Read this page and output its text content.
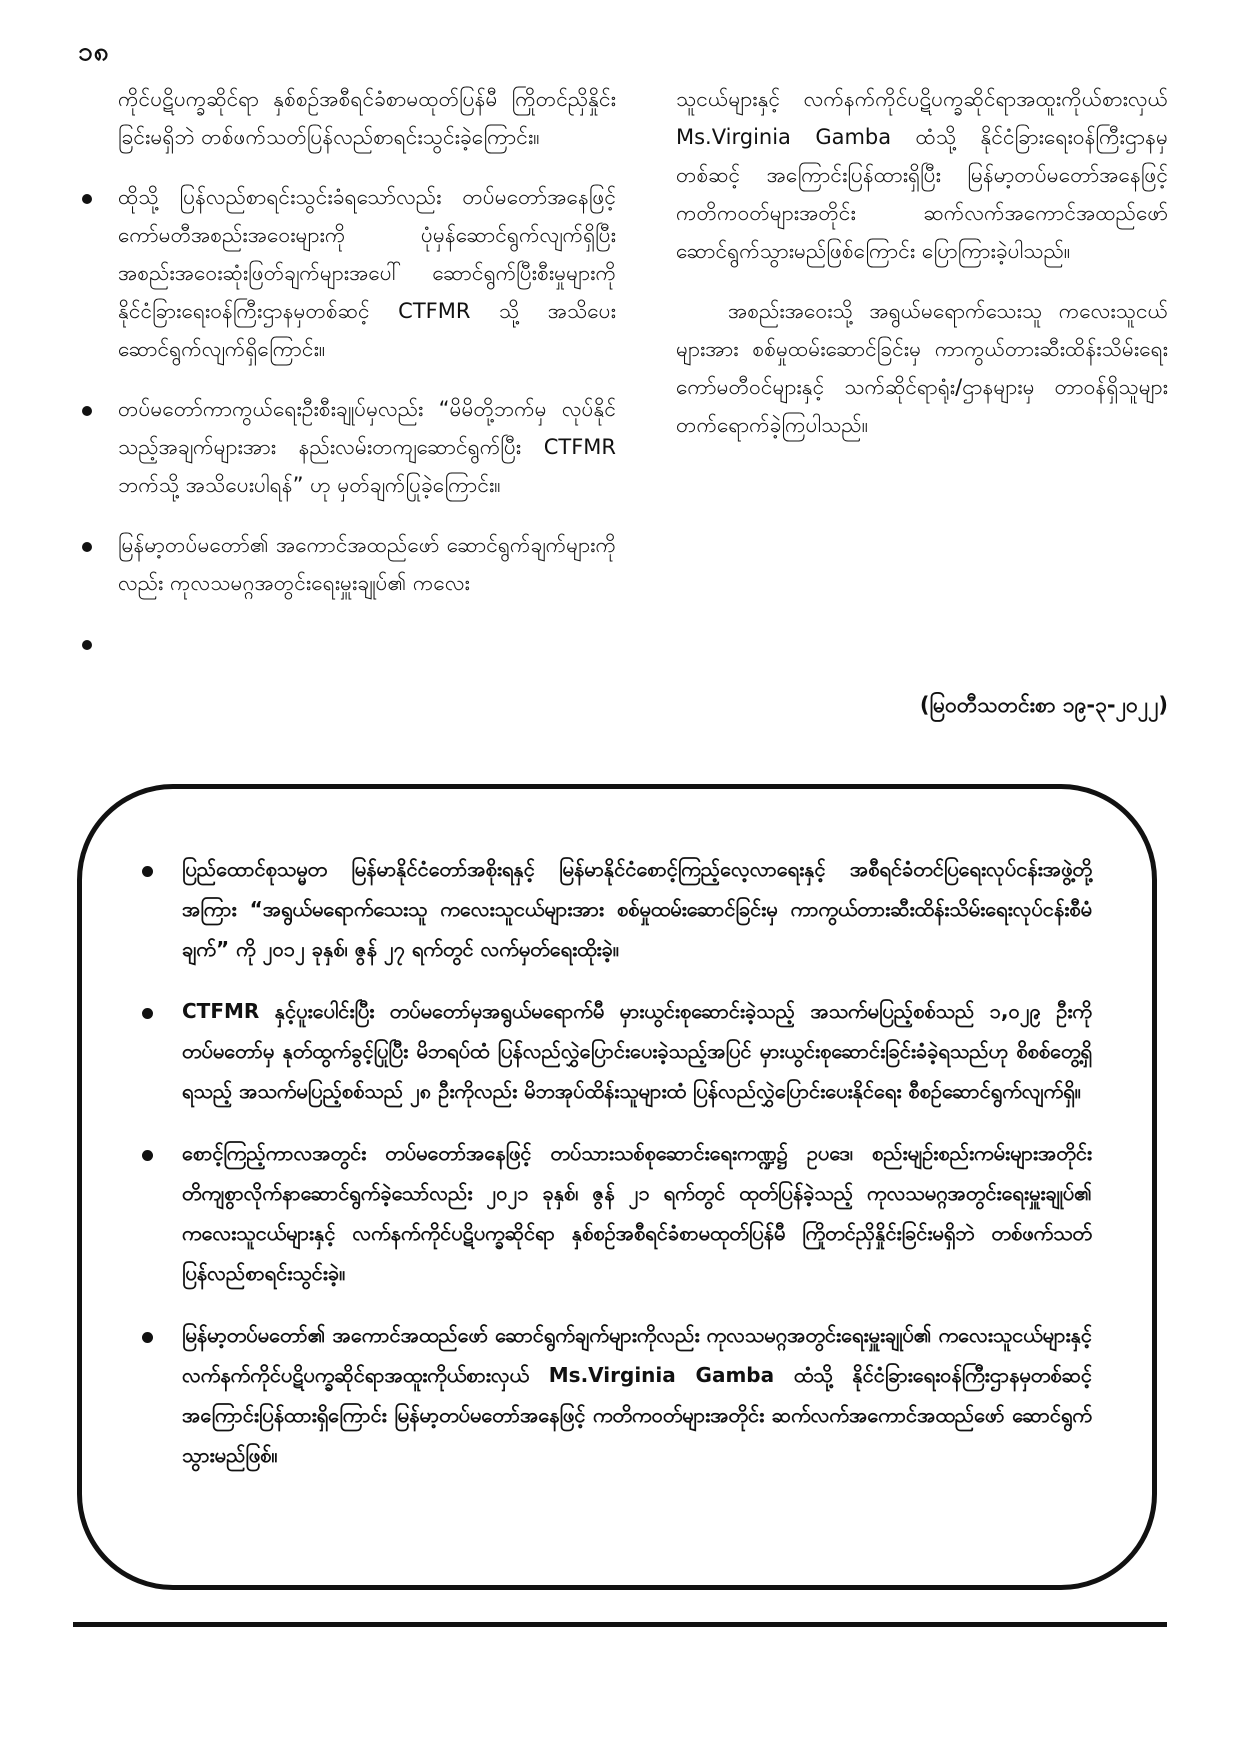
၁၈

ကိုင်ပဋိပက္ခဆိုင်ရာ နှစ်စဉ်အစီရင်ခံစာမထုတ်ပြန်မီ ကြိုတင်ညှိနှိုင်းခြင်းမရှိဘဲ တစ်ဖက်သတ်ပြန်လည်စာရင်းသွင်းခဲ့ကြောင်း။

ထိုသို့ ပြန်လည်စာရင်းသွင်းခံရသော်လည်း တပ်မတော်အနေဖြင့် ကော်မတီအစည်းအဝေးများကို ပုံမှန်ဆောင်ရွက်လျက်ရှိပြီး အစည်းအဝေးဆုံးဖြတ်ချက်များအပေါ် ဆောင်ရွက်ပြီးစီးမှုများကို နိုင်ငံခြားရေးဝန်ကြီးဌာနမှတစ်ဆင့် CTFMR သို့ အသိပေးဆောင်ရွက်လျက်ရှိကြောင်း။
တပ်မတော်ကာကွယ်ရေးဦးစီးချုပ်မှလည်း “မိမိတို့ဘက်မှ လုပ်နိုင်သည့်အချက်များအား နည်းလမ်းတကျဆောင်ရွက်ပြီး CTFMR ဘက်သို့ အသိပေးပါရန်” ဟု မှတ်ချက်ပြုခဲ့ကြောင်း။
မြန်မာ့တပ်မတော်၏ အကောင်အထည်ဖော် ဆောင်ရွက်ချက်များကိုလည်း ကုလသမဂ္ဂအတွင်းရေးမှူးချုပ်၏ ကလေး

သူငယ်များနှင့် လက်နက်ကိုင်ပဋိပက္ခဆိုင်ရာအထူးကိုယ်စားလှယ် Ms.Virginia Gamba ထံသို့ နိုင်ငံခြားရေးဝန်ကြီးဌာနမှတစ်ဆင့် အကြောင်းပြန်ထားရှိပြီး မြန်မာ့တပ်မတော်အနေဖြင့် ကတိကဝတ်များအတိုင်း ဆက်လက်အကောင်အထည်ဖော် ဆောင်ရွက်သွားမည်ဖြစ်ကြောင်း ပြောကြားခဲ့ပါသည်။

အစည်းအဝေးသို့ အရွယ်မရောက်သေးသူ ကလေးသူငယ်များအား စစ်မှုထမ်းဆောင်ခြင်းမှ ကာကွယ်တားဆီးထိန်းသိမ်းရေးကော်မတီဝင်များနှင့် သက်ဆိုင်ရာရုံး/ဌာနများမှ တာဝန်ရှိသူများ တက်ရောက်ခဲ့ကြပါသည်။

(မြဝတီသတင်းစာ ၁၉-၃-၂၀၂၂)
ပြည်ထောင်စုသမ္မတ မြန်မာနိုင်ငံတော်အစိုးရနှင့် မြန်မာနိုင်ငံစောင့်ကြည့်လေ့လာရေးနှင့် အစီရင်ခံတင်ပြရေးလုပ်ငန်းအဖွဲ့တို့အကြား “အရွယ်မရောက်သေးသူ ကလေးသူငယ်များအား စစ်မှုထမ်းဆောင်ခြင်းမှ ကာကွယ်တားဆီးထိန်းသိမ်းရေးလုပ်ငန်းစီမံချက်” ကို ၂၀၁၂ ခုနှစ်၊ ဇွန် ၂၇ ရက်တွင် လက်မှတ်ရေးထိုးခဲ့။
CTFMR နှင့်ပူးပေါင်းပြီး တပ်မတော်မှအရွယ်မရောက်မီ မှားယွင်းစုဆောင်းခဲ့သည့် အသက်မပြည့်စစ်သည် ၁,၀၂၉ ဦးကို တပ်မတော်မှ နုတ်ထွက်ခွင့်ပြုပြီး မိဘရပ်ထံ ပြန်လည်လွှဲပြောင်းပေးခဲ့သည့်အပြင် မှားယွင်းစုဆောင်းခြင်းခံခဲ့ရသည်ဟု စိစစ်တွေ့ရှိရသည့် အသက်မပြည့်စစ်သည် ၂၈ ဦးကိုလည်း မိဘအုပ်ထိန်းသူများထံ ပြန်လည်လွှဲပြောင်းပေးနိုင်ရေး စီစဉ်ဆောင်ရွက်လျက်ရှိ။
စောင့်ကြည့်ကာလအတွင်း တပ်မတော်အနေဖြင့် တပ်သားသစ်စုဆောင်းရေးကဏ္ဍ၌ ဥပဒေ၊ စည်းမျဉ်းစည်းကမ်းများအတိုင်း တိကျစွာလိုက်နာဆောင်ရွက်ခဲ့သော်လည်း ၂၀၂၁ ခုနှစ်၊ ဇွန် ၂၁ ရက်တွင် ထုတ်ပြန်ခဲ့သည့် ကုလသမဂ္ဂအတွင်းရေးမှူးချုပ်၏ ကလေးသူငယ်များနှင့် လက်နက်ကိုင်ပဋိပက္ခဆိုင်ရာ နှစ်စဉ်အစီရင်ခံစာမထုတ်ပြန်မီ ကြိုတင်ညှိနှိုင်းခြင်းမရှိဘဲ တစ်ဖက်သတ် ပြန်လည်စာရင်းသွင်းခဲ့။
မြန်မာ့တပ်မတော်၏ အကောင်အထည်ဖော် ဆောင်ရွက်ချက်များကိုလည်း ကုလသမဂ္ဂအတွင်းရေးမှူးချုပ်၏ ကလေးသူငယ်များနှင့် လက်နက်ကိုင်ပဋိပက္ခဆိုင်ရာအထူးကိုယ်စားလှယ် Ms.Virginia Gamba ထံသို့ နိုင်ငံခြားရေးဝန်ကြီးဌာနမှတစ်ဆင့် အကြောင်းပြန်ထားရှိကြောင်း မြန်မာ့တပ်မတော်အနေဖြင့် ကတိကဝတ်များအတိုင်း ဆက်လက်အကောင်အထည်ဖော် ဆောင်ရွက်သွားမည်ဖြစ်။
